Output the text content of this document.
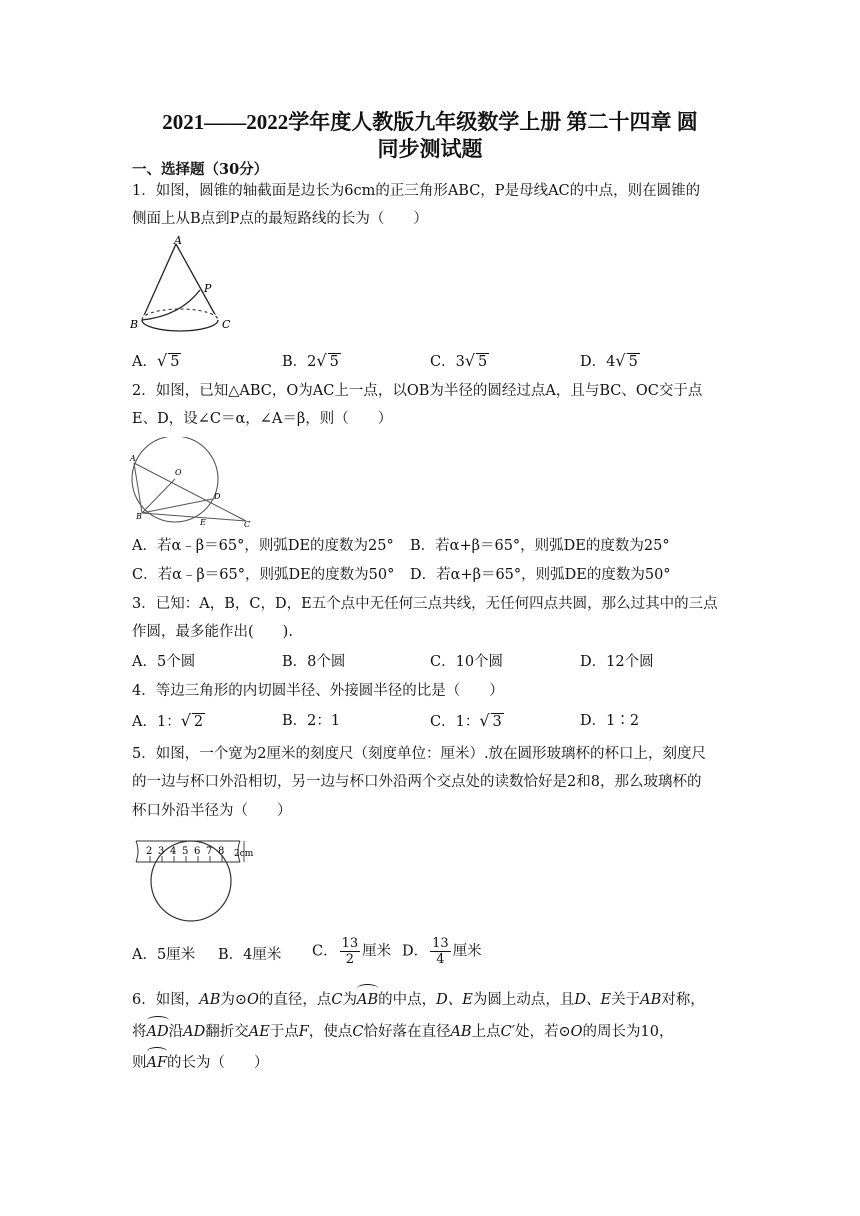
2021——2022学年度人教版九年级数学上册 第二十四章 圆
同步测试题
一、选择题（30分）
1．如图，圆锥的轴截面是边长为6cm的正三角形ABC，P是母线AC的中点，则在圆锥的
侧面上从B点到P点的最短路线的长为（　　）
A
P
B	C
A．√ 5	B．2√ 5	C．3√ 5	D．4√ 5
2．如图，已知△ABC，O为AC上一点，以OB为半径的圆经过点A，且与BC、OC交于点
E、D，设∠C＝α，∠A＝β，则（　　）
A
O
D
B
E	C
A．若α﹣β＝65°，则弧DE的度数为25° B．若α+β＝65°，则弧DE的度数为25°
C．若α﹣β＝65°，则弧DE的度数为50° D．若α+β＝65°，则弧DE的度数为50°
3．已知：A，B，C，D，E五个点中无任何三点共线，无任何四点共圆，那么过其中的三点
作圆，最多能作出(　　).
A．5个圆	B．8个圆	C．10个圆	D．12个圆
4．等边三角形的内切圆半径、外接圆半径的比是（　　）
A．1：√ 2	B．2：1	C．1：√ 3	D．1∶2
5．如图，一个宽为2厘米的刻度尺（刻度单位：厘米）.放在圆形玻璃杯的杯口上，刻度尺
的一边与杯口外沿相切，另一边与杯口外沿两个交点处的读数恰好是2和8，那么玻璃杯的
杯口外沿半径为（　　）
2 3 4 5 6 7 8 2cm
A．5厘米 B．4厘米 C． $\frac{13}{2}$ 厘米 D． $\frac{13}{4}$ 厘米
6．如图，AB为⊙O的直径，点C为AB的中点，D、E为圆上动点，且D、E关于AB对称，
将AD沿AD翻折交AE于点F，使点C恰好落在直径AB上点C′处，若⊙O的周长为10，
则AF的长为（　　）
